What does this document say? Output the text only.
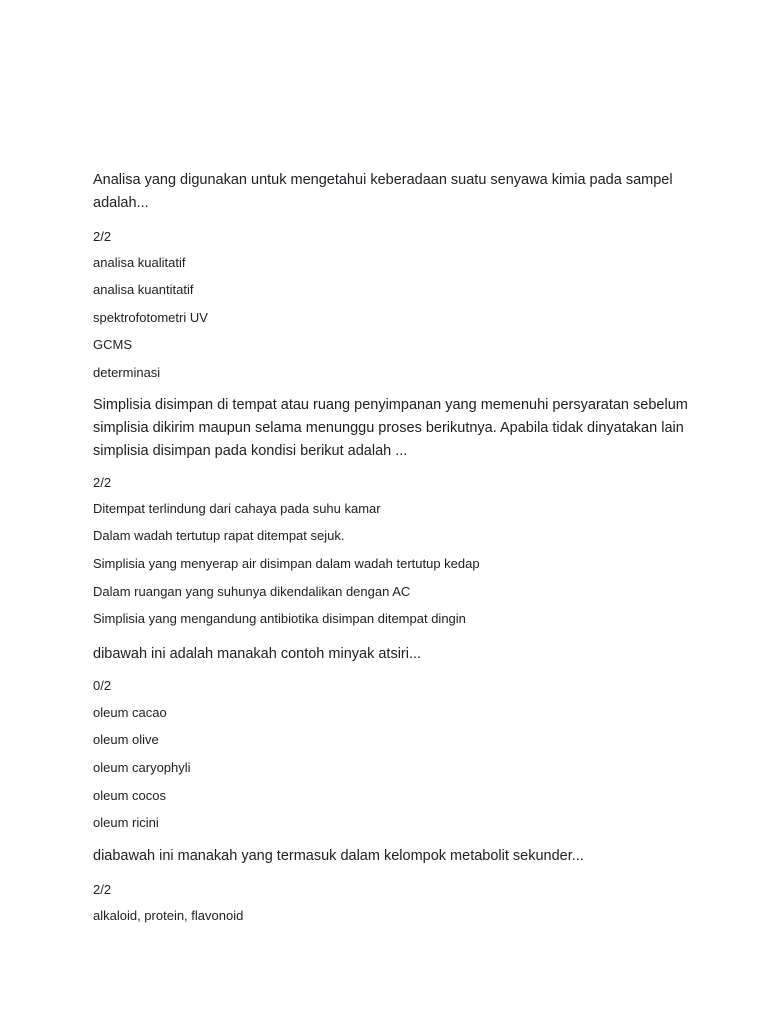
Analisa yang digunakan untuk mengetahui keberadaan suatu senyawa kimia pada sampel adalah...

2/2

analisa kualitatif

analisa kuantitatif

spektrofotometri UV

GCMS

determinasi

Simplisia disimpan di tempat atau ruang penyimpanan yang memenuhi persyaratan sebelum simplisia dikirim maupun selama menunggu proses berikutnya. Apabila tidak dinyatakan lain simplisia disimpan pada kondisi berikut adalah ...

2/2

Ditempat terlindung dari cahaya pada suhu kamar

Dalam wadah tertutup rapat ditempat sejuk.

Simplisia yang menyerap air disimpan dalam wadah tertutup kedap

Dalam ruangan yang suhunya dikendalikan dengan AC

Simplisia yang mengandung antibiotika disimpan ditempat dingin

dibawah ini adalah manakah contoh minyak atsiri...

0/2

oleum cacao

oleum olive

oleum caryophyli

oleum cocos

oleum ricini

diabawah ini manakah yang termasuk dalam kelompok metabolit sekunder...

2/2

alkaloid, protein, flavonoid
